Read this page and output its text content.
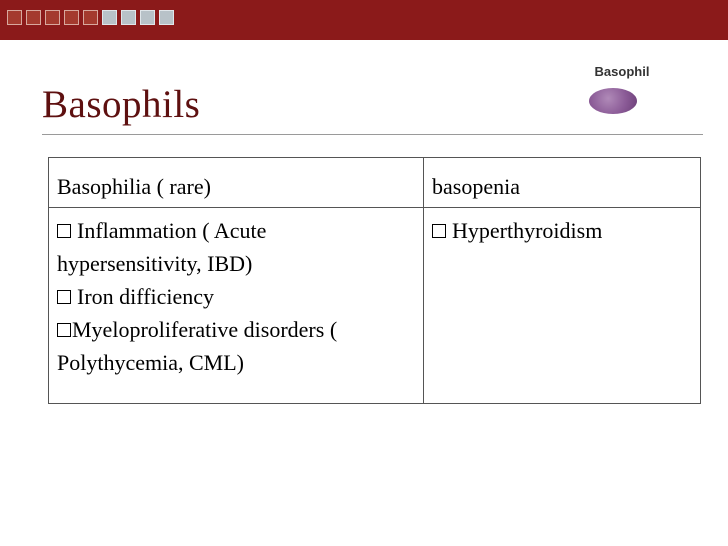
Basophils
Basophil
Basophilia ( rare)	basopenia

Inflammation ( Acute hypersensitivity, IBD)
Iron difficiency
Myeloproliferative disorders ( Polythycemia, CML)	Hyperthyroidism
